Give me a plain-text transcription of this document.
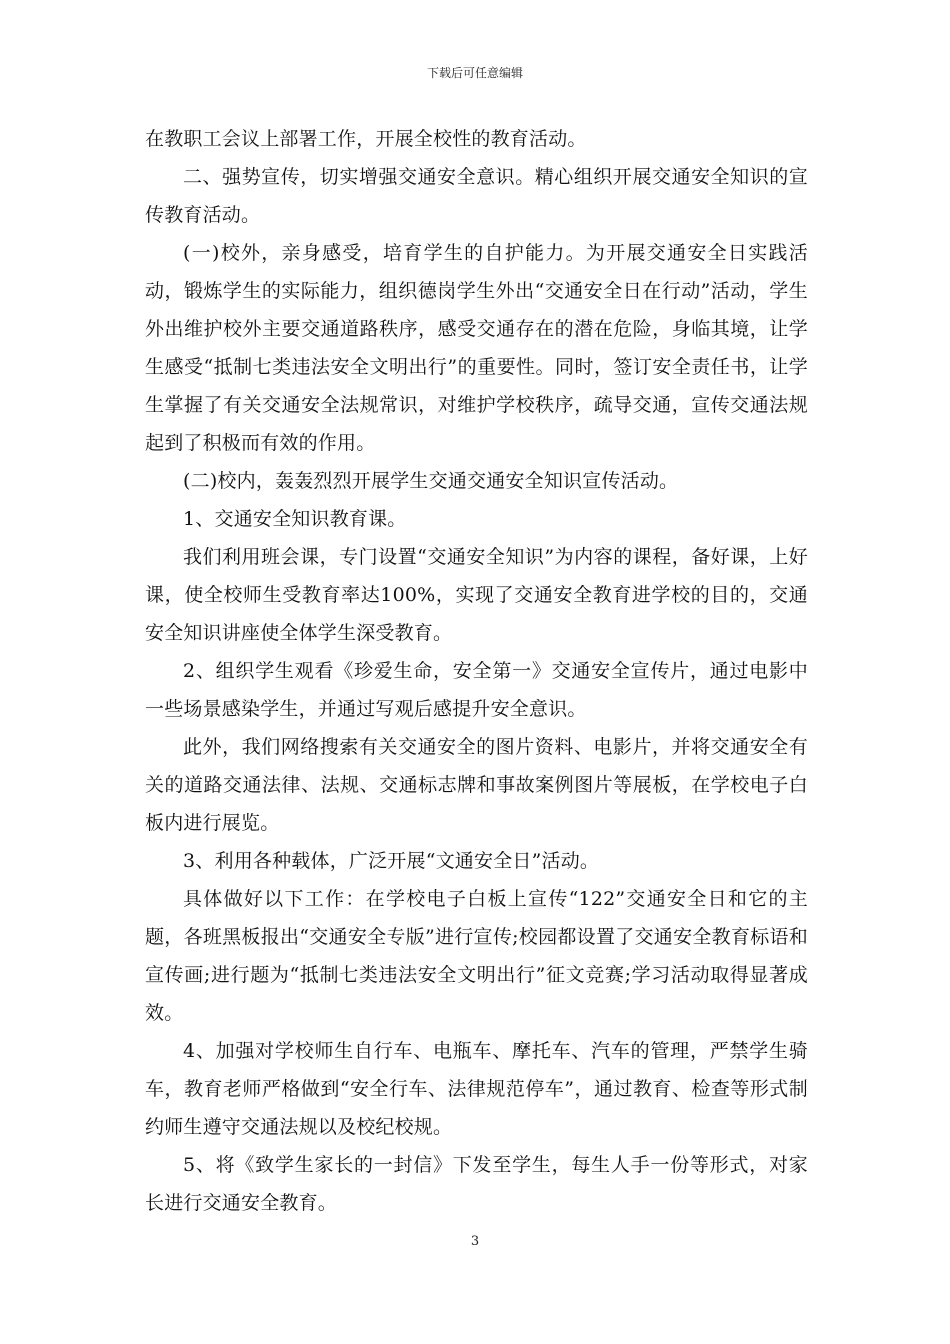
下载后可任意编辑

在教职工会议上部署工作，开展全校性的教育活动。

二、强势宣传，切实增强交通安全意识。精心组织开展交通安全知识的宣传教育活动。

(一)校外，亲身感受，培育学生的自护能力。为开展交通安全日实践活动，锻炼学生的实际能力，组织德岗学生外出“交通安全日在行动”活动，学生外出维护校外主要交通道路秩序，感受交通存在的潜在危险，身临其境，让学生感受“抵制七类违法安全文明出行”的重要性。同时，签订安全责任书，让学生掌握了有关交通安全法规常识，对维护学校秩序，疏导交通，宣传交通法规起到了积极而有效的作用。

(二)校内，轰轰烈烈开展学生交通交通安全知识宣传活动。

1、交通安全知识教育课。

我们利用班会课，专门设置“交通安全知识”为内容的课程，备好课，上好课，使全校师生受教育率达100%，实现了交通安全教育进学校的目的，交通安全知识讲座使全体学生深受教育。

2、组织学生观看《珍爱生命，安全第一》交通安全宣传片，通过电影中一些场景感染学生，并通过写观后感提升安全意识。

此外，我们网络搜索有关交通安全的图片资料、电影片，并将交通安全有关的道路交通法律、法规、交通标志牌和事故案例图片等展板，在学校电子白板内进行展览。

3、利用各种载体，广泛开展“文通安全日”活动。

具体做好以下工作：在学校电子白板上宣传“122”交通安全日和它的主题，各班黑板报出“交通安全专版”进行宣传;校园都设置了交通安全教育标语和宣传画;进行题为“抵制七类违法安全文明出行”征文竞赛;学习活动取得显著成效。

4、加强对学校师生自行车、电瓶车、摩托车、汽车的管理，严禁学生骑车，教育老师严格做到“安全行车、法律规范停车”，通过教育、检查等形式制约师生遵守交通法规以及校纪校规。

5、将《致学生家长的一封信》下发至学生，每生人手一份等形式，对家长进行交通安全教育。

3
